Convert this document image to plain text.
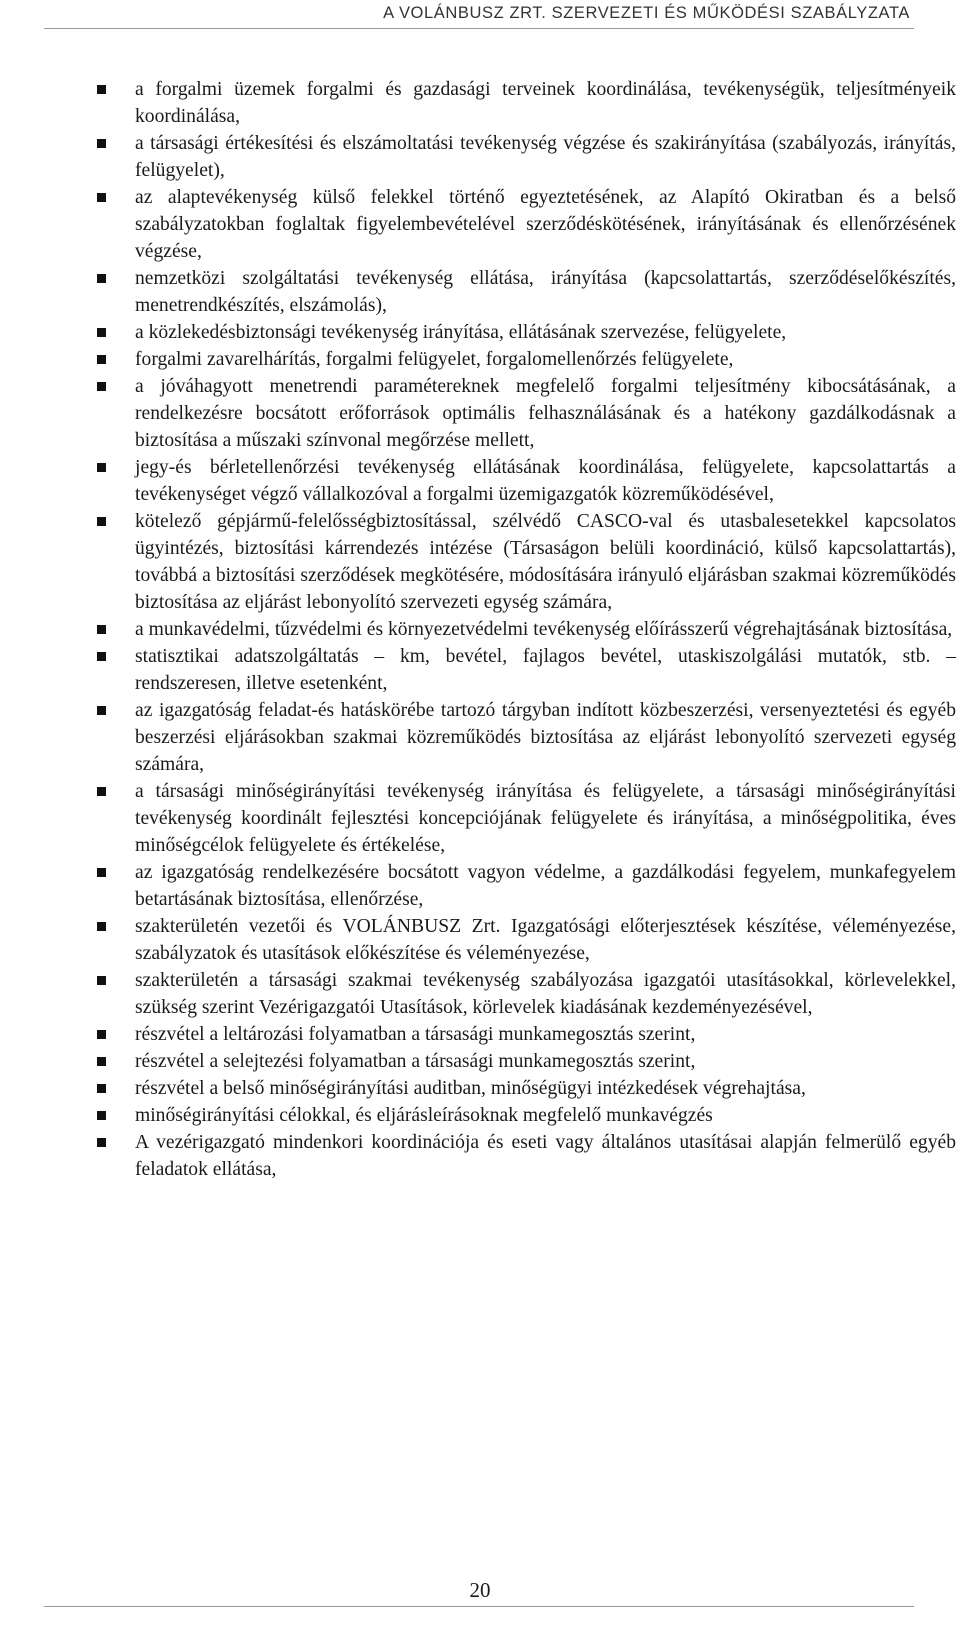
A VOLÁNBUSZ ZRT. SZERVEZETI ÉS MŰKÖDÉSI SZABÁLYZATA
a forgalmi üzemek forgalmi és gazdasági terveinek koordinálása, tevékenységük, teljesítményeik koordinálása,
a társasági értékesítési és elszámoltatási tevékenység végzése és szakirányítása (szabályozás, irányítás, felügyelet),
az alaptevékenység külső felekkel történő egyeztetésének, az Alapító Okiratban és a belső szabályzatokban foglaltak figyelembevételével szerződéskötésének, irányításának és ellenőrzésének végzése,
nemzetközi szolgáltatási tevékenység ellátása, irányítása (kapcsolattartás, szerződéselőkészítés, menetrendkészítés, elszámolás),
a közlekedésbiztonsági tevékenység irányítása, ellátásának szervezése, felügyelete,
forgalmi zavarelhárítás, forgalmi felügyelet, forgalomellenőrzés felügyelete,
a jóváhagyott menetrendi paramétereknek megfelelő forgalmi teljesítmény kibocsátásának, a rendelkezésre bocsátott erőforrások optimális felhasználásának és a hatékony gazdálkodásnak a biztosítása a műszaki színvonal megőrzése mellett,
jegy-és bérletellenőrzési tevékenység ellátásának koordinálása, felügyelete, kapcsolattartás a tevékenységet végző vállalkozóval a forgalmi üzemigazgatók közreműködésével,
kötelező gépjármű-felelősségbiztosítással, szélvédő CASCO-val és utasbalesetekkel kapcsolatos ügyintézés, biztosítási kárrendezés intézése (Társaságon belüli koordináció, külső kapcsolattartás), továbbá a biztosítási szerződések megkötésére, módosítására irányuló eljárásban szakmai közreműködés biztosítása az eljárást lebonyolító szervezeti egység számára,
a munkavédelmi, tűzvédelmi és környezetvédelmi tevékenység előírásszerű végrehajtásának biztosítása,
statisztikai adatszolgáltatás – km, bevétel, fajlagos bevétel, utaskiszolgálási mutatók, stb. – rendszeresen, illetve esetenként,
az igazgatóság feladat-és hatáskörébe tartozó tárgyban indított közbeszerzési, versenyeztetési és egyéb beszerzési eljárásokban szakmai közreműködés biztosítása az eljárást lebonyolító szervezeti egység számára,
a társasági minőségirányítási tevékenység irányítása és felügyelete, a társasági minőségirányítási tevékenység koordinált fejlesztési koncepciójának felügyelete és irányítása, a minőségpolitika, éves minőségcélok felügyelete és értékelése,
az igazgatóság rendelkezésére bocsátott vagyon védelme, a gazdálkodási fegyelem, munkafegyelem betartásának biztosítása, ellenőrzése,
szakterületén vezetői és VOLÁNBUSZ Zrt. Igazgatósági előterjesztések készítése, véleményezése, szabályzatok és utasítások előkészítése és véleményezése,
szakterületén a társasági szakmai tevékenység szabályozása igazgatói utasításokkal, körlevelekkel, szükség szerint Vezérigazgatói Utasítások, körlevelek kiadásának kezdeményezésével,
részvétel a leltározási folyamatban a társasági munkamegosztás szerint,
részvétel a selejtezési folyamatban a társasági munkamegosztás szerint,
részvétel a belső minőségirányítási auditban, minőségügyi intézkedések végrehajtása,
minőségirányítási célokkal, és eljárásleírásoknak megfelelő munkavégzés
A vezérigazgató mindenkori koordinációja és eseti vagy általános utasításai alapján felmerülő egyéb feladatok ellátása,
20
